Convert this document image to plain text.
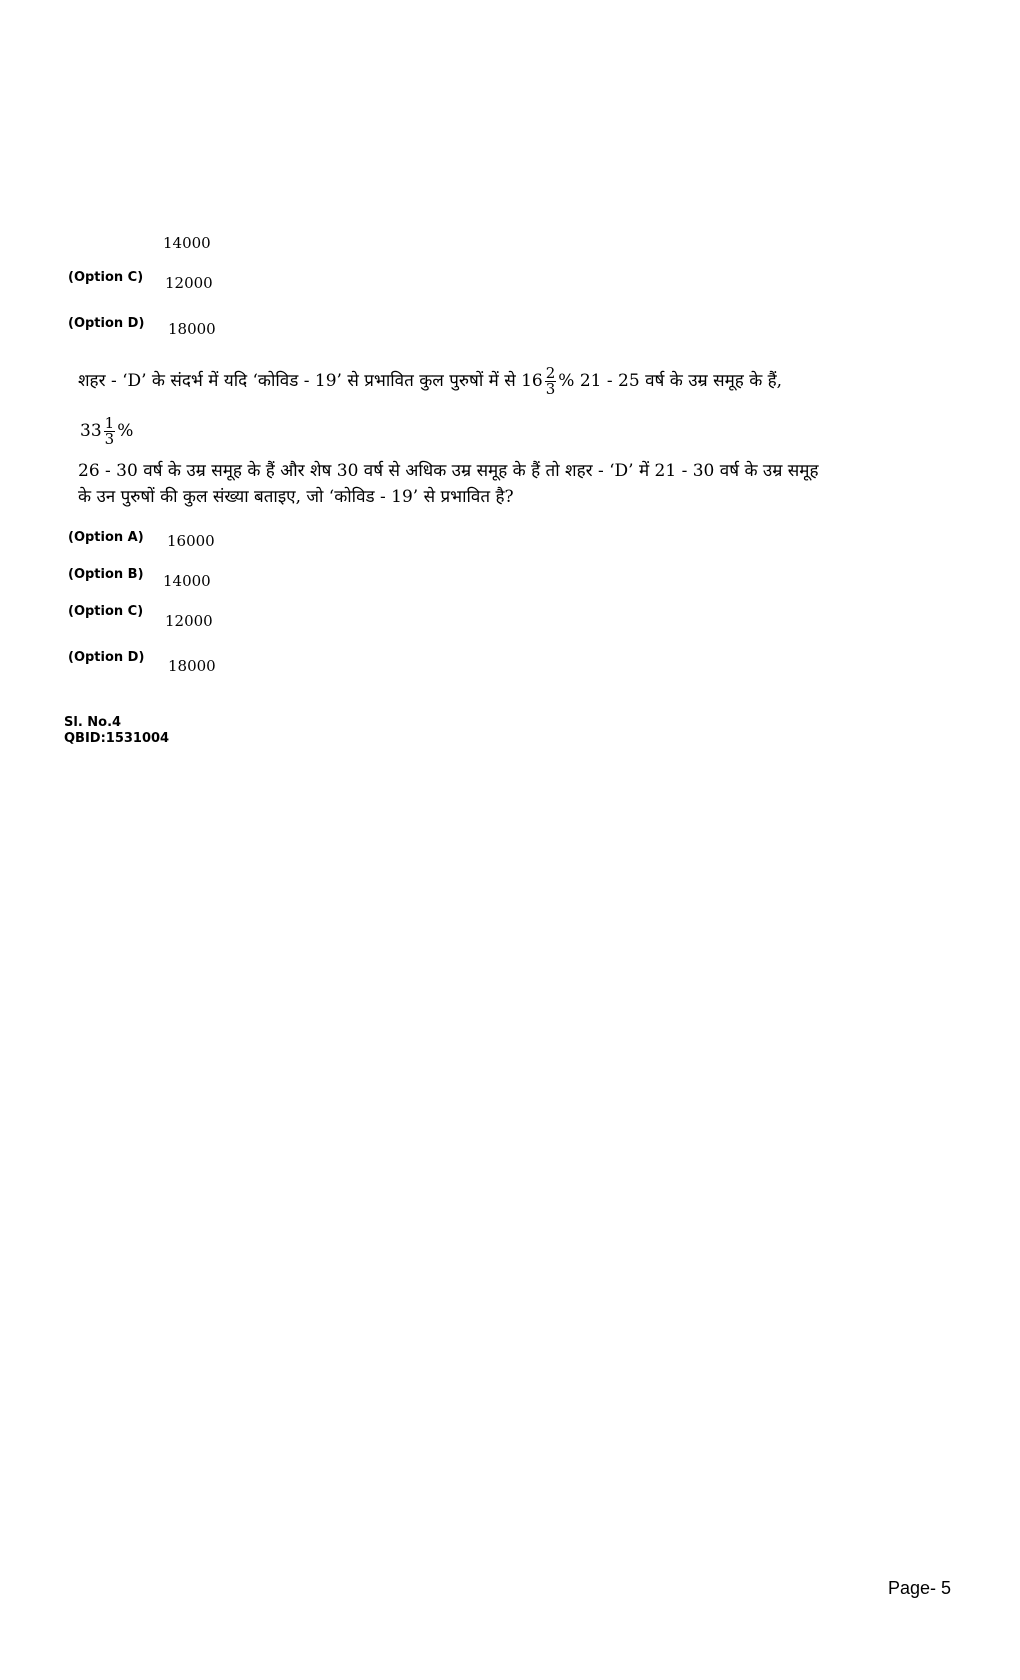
14000
(Option C) 12000
(Option D) 18000
शहर - ‘D’ के संदर्भ में यदि ‘कोविड - 19’ से प्रभावित कुल पुरुषों में से $16 \frac{2}{3}$ % 21 - 25 वर्ष के उम्र समूह के हैं,
$33 \frac{1}{3}$ %
26 - 30 वर्ष के उम्र समूह के हैं और शेष 30 वर्ष से अधिक उम्र समूह के हैं तो शहर - ‘D’ में 21 - 30 वर्ष के उम्र समूह
के उन पुरुषों की कुल संख्या बताइए, जो ‘कोविड - 19’ से प्रभावित है?
(Option A) 16000
(Option B) 14000
(Option C)
12000
(Option D) 18000
Sl. No.4
QBID:1531004
Page- 5
